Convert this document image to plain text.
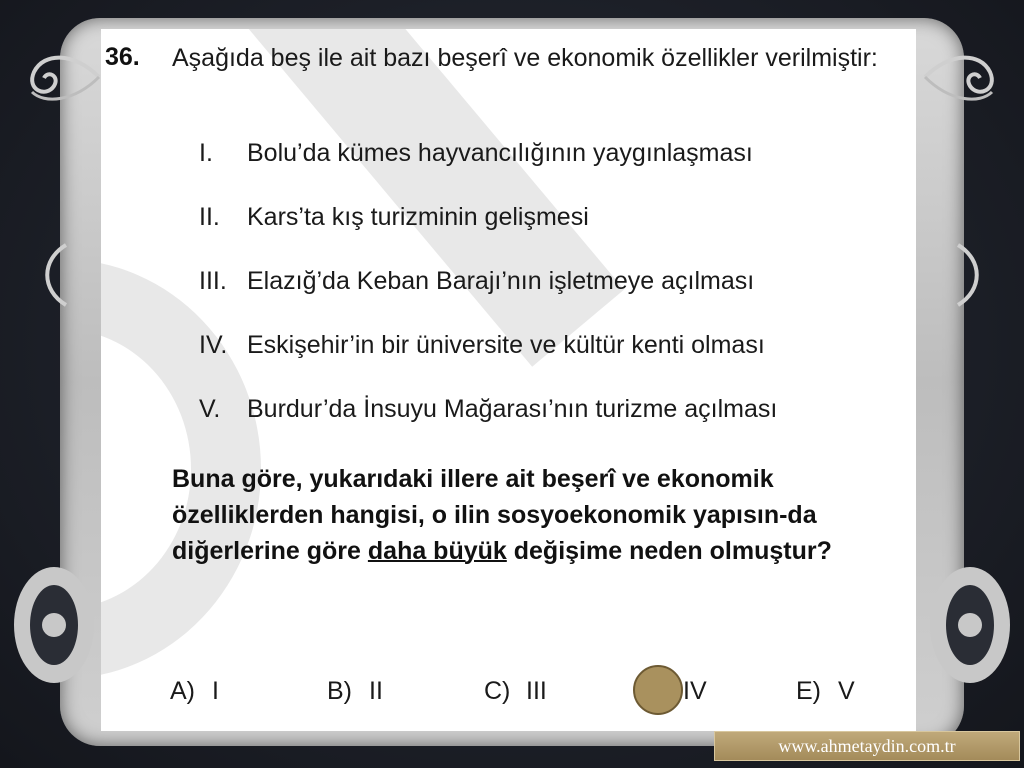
36. Aşağıda beş ile ait bazı beşerî ve ekonomik özellikler verilmiştir:
I. Bolu’da kümes hayvancılığının yaygınlaşması
II. Kars’ta kış turizminin gelişmesi
III. Elazığ’da Keban Barajı’nın işletmeye açılması
IV. Eskişehir’in bir üniversite ve kültür kenti olması
V. Burdur’da İnsuyu Mağarası’nın turizme açılması
Buna göre, yukarıdaki illere ait beşerî ve ekonomik özelliklerden hangisi, o ilin sosyoekonomik yapısın-da diğerlerine göre daha büyük değişime neden olmuştur?
A) I	B) II	C) III	IV	E) V
www.ahmetaydin.com.tr
